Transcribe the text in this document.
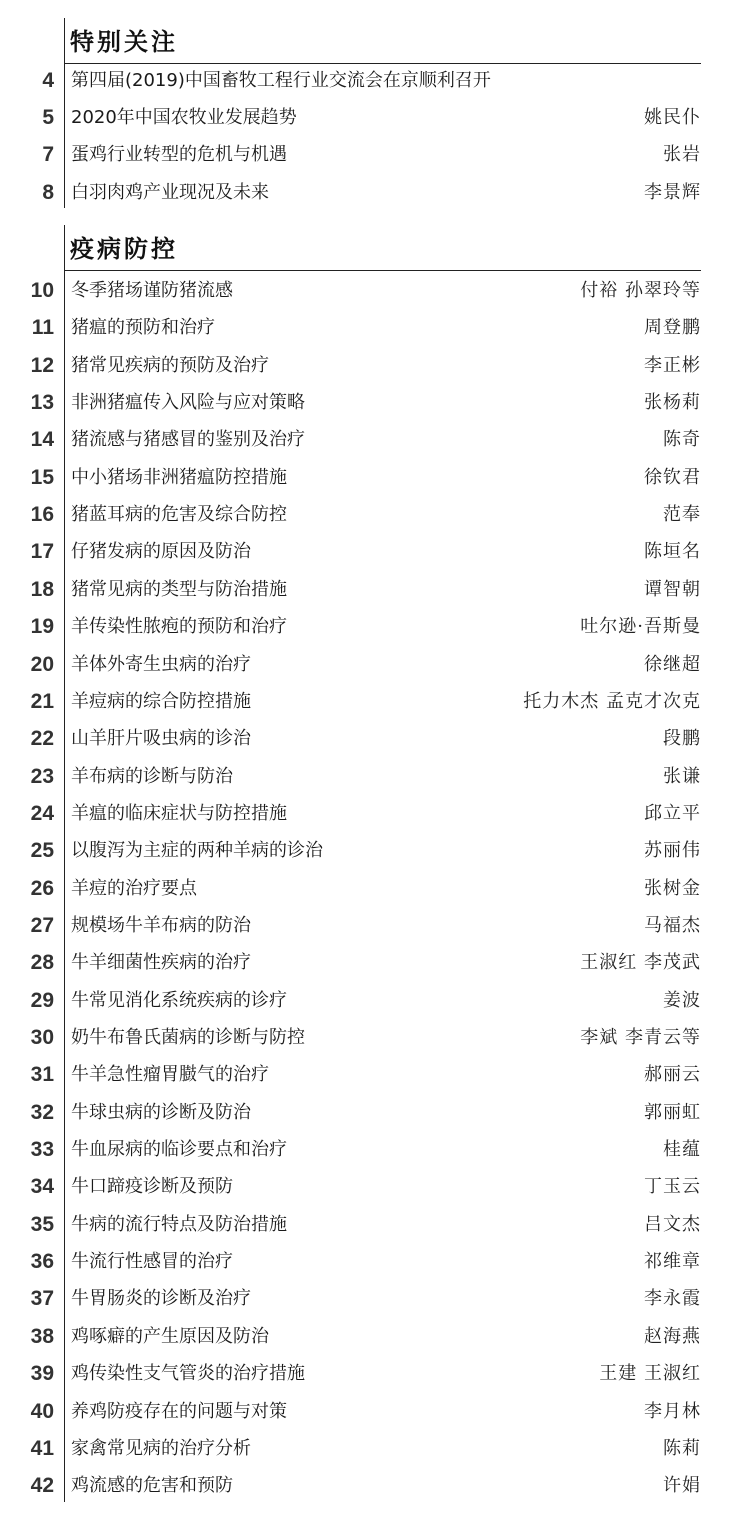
特别关注
4 第四届(2019)中国畜牧工程行业交流会在京顺利召开
5 2020年中国农牧业发展趋势	姚民仆
7 蛋鸡行业转型的危机与机遇	张岩
8 白羽肉鸡产业现况及未来	李景辉
疫病防控
10 冬季猪场谨防猪流感	付裕 孙翠玲等
11 猪瘟的预防和治疗	周登鹏
12 猪常见疾病的预防及治疗	李正彬
13 非洲猪瘟传入风险与应对策略	张杨莉
14 猪流感与猪感冒的鉴别及治疗	陈奇
15 中小猪场非洲猪瘟防控措施	徐钦君
16 猪蓝耳病的危害及综合防控	范奉
17 仔猪发病的原因及防治	陈垣名
18 猪常见病的类型与防治措施	谭智朝
19 羊传染性脓疱的预防和治疗	吐尔逊·吾斯曼
20 羊体外寄生虫病的治疗	徐继超
21 羊痘病的综合防控措施	托力木杰 孟克才次克
22 山羊肝片吸虫病的诊治	段鹏
23 羊布病的诊断与防治	张谦
24 羊瘟的临床症状与防控措施	邱立平
25 以腹泻为主症的两种羊病的诊治	苏丽伟
26 羊痘的治疗要点	张树金
27 规模场牛羊布病的防治	马福杰
28 牛羊细菌性疾病的治疗	王淑红 李茂武
29 牛常见消化系统疾病的诊疗	姜波
30 奶牛布鲁氏菌病的诊断与防控	李斌 李青云等
31 牛羊急性瘤胃臌气的治疗	郝丽云
32 牛球虫病的诊断及防治	郭丽虹
33 牛血尿病的临诊要点和治疗	桂蕴
34 牛口蹄疫诊断及预防	丁玉云
35 牛病的流行特点及防治措施	吕文杰
36 牛流行性感冒的治疗	祁维章
37 牛胃肠炎的诊断及治疗	李永霞
38 鸡啄癖的产生原因及防治	赵海燕
39 鸡传染性支气管炎的治疗措施	王建 王淑红
40 养鸡防疫存在的问题与对策	李月林
41 家禽常见病的治疗分析	陈莉
42 鸡流感的危害和预防	许娟
